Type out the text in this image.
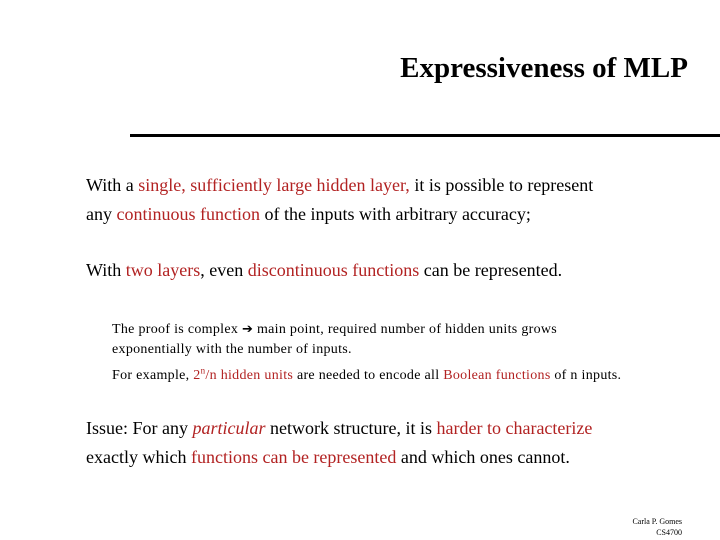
Expressiveness of MLP
With a single, sufficiently large hidden layer, it is possible to represent
any continuous function of the inputs with arbitrary accuracy;
With two layers, even discontinuous functions can be represented.
The proof is complex ➔ main point, required number of hidden units grows
exponentially with the number of inputs.
For example, 2$^n$/n hidden units are needed to encode all Boolean functions of n inputs.
Issue: For any particular network structure, it is harder to characterize
exactly which functions can be represented and which ones cannot.
Carla P. Gomes
CS4700
